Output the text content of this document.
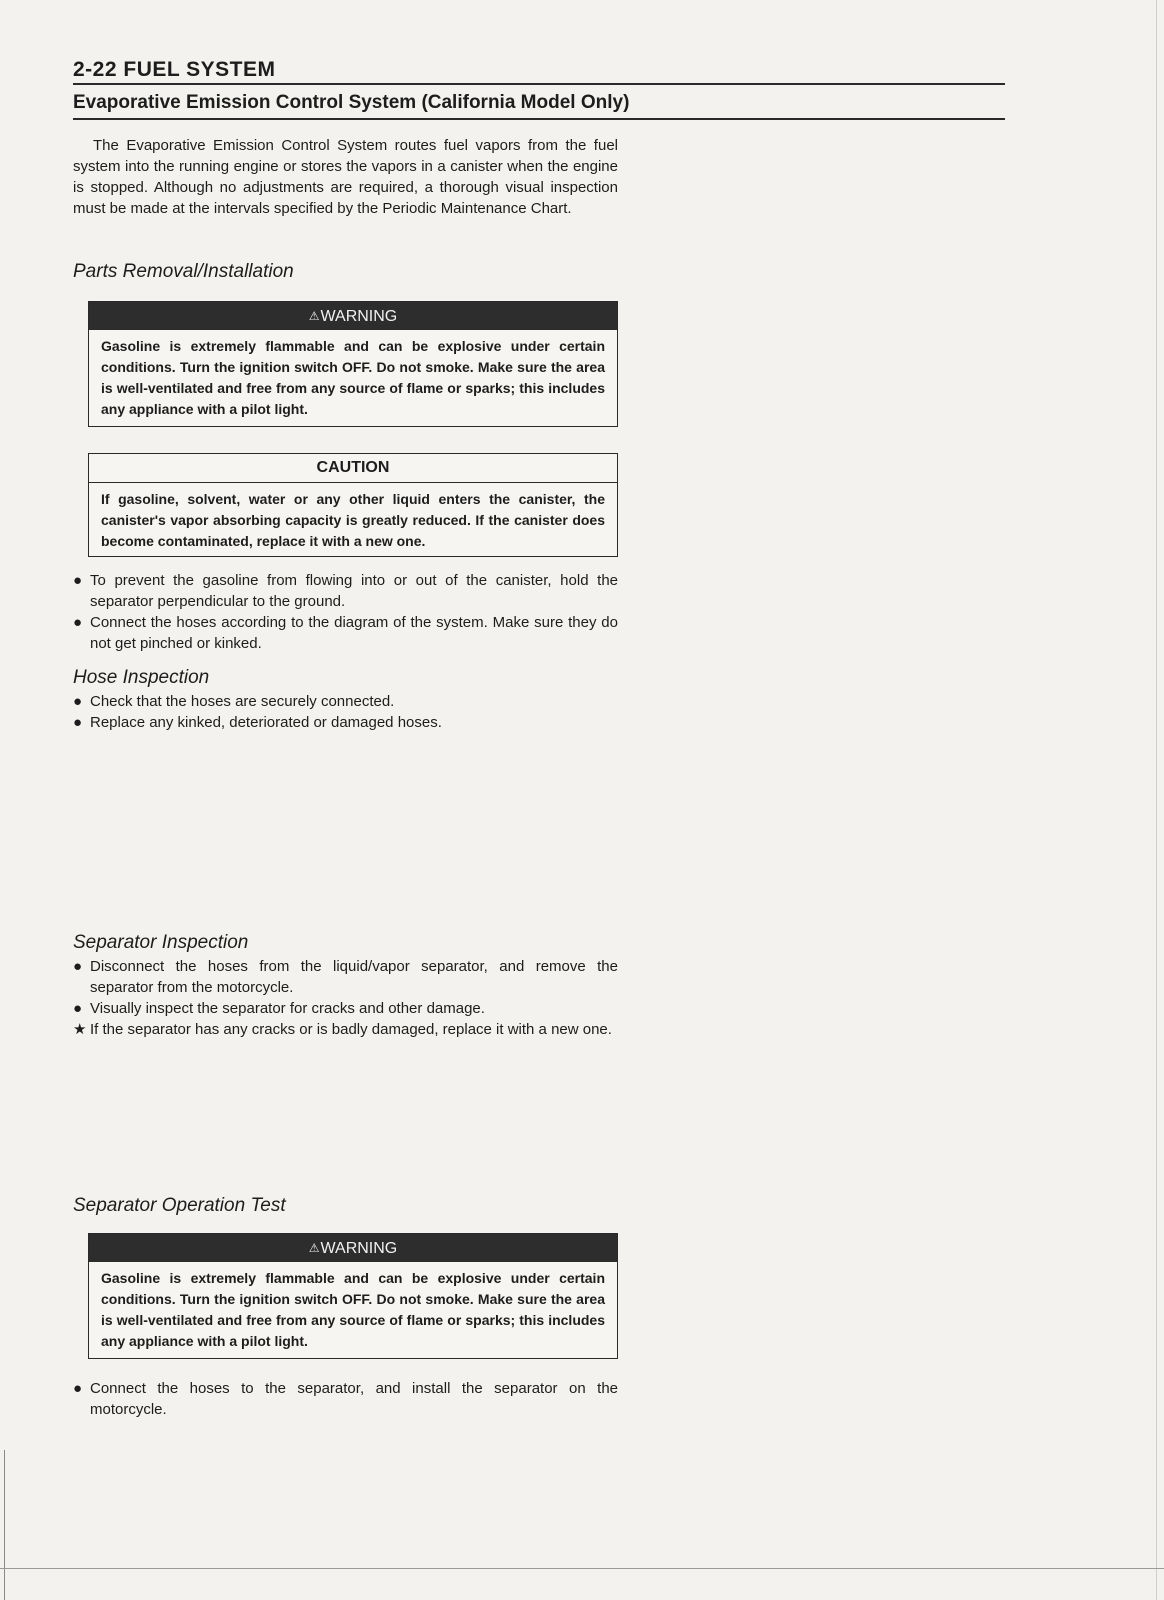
2-22 FUEL SYSTEM
Evaporative Emission Control System (California Model Only)

The Evaporative Emission Control System routes fuel vapors from the fuel system into the running engine or stores the vapors in a canister when the engine is stopped. Although no adjustments are required, a thorough visual inspection must be made at the intervals specified by the Periodic Maintenance Chart.

Parts Removal/Installation
⚠WARNING
Gasoline is extremely flammable and can be explosive under certain conditions. Turn the ignition switch OFF. Do not smoke. Make sure the area is well-ventilated and free from any source of flame or sparks; this includes any appliance with a pilot light.
CAUTION
If gasoline, solvent, water or any other liquid enters the canister, the canister's vapor absorbing capacity is greatly reduced. If the canister does become contaminated, replace it with a new one.
● To prevent the gasoline from flowing into or out of the canister, hold the separator perpendicular to the ground.
● Connect the hoses according to the diagram of the system. Make sure they do not get pinched or kinked.
Hose Inspection
● Check that the hoses are securely connected.
● Replace any kinked, deteriorated or damaged hoses.
Separator Inspection
● Disconnect the hoses from the liquid/vapor separator, and remove the separator from the motorcycle.
● Visually inspect the separator for cracks and other damage.
★ If the separator has any cracks or is badly damaged, replace it with a new one.
Separator Operation Test
⚠WARNING
Gasoline is extremely flammable and can be explosive under certain conditions. Turn the ignition switch OFF. Do not smoke. Make sure the area is well-ventilated and free from any source of flame or sparks; this includes any appliance with a pilot light.
● Connect the hoses to the separator, and install the separator on the motorcycle.
